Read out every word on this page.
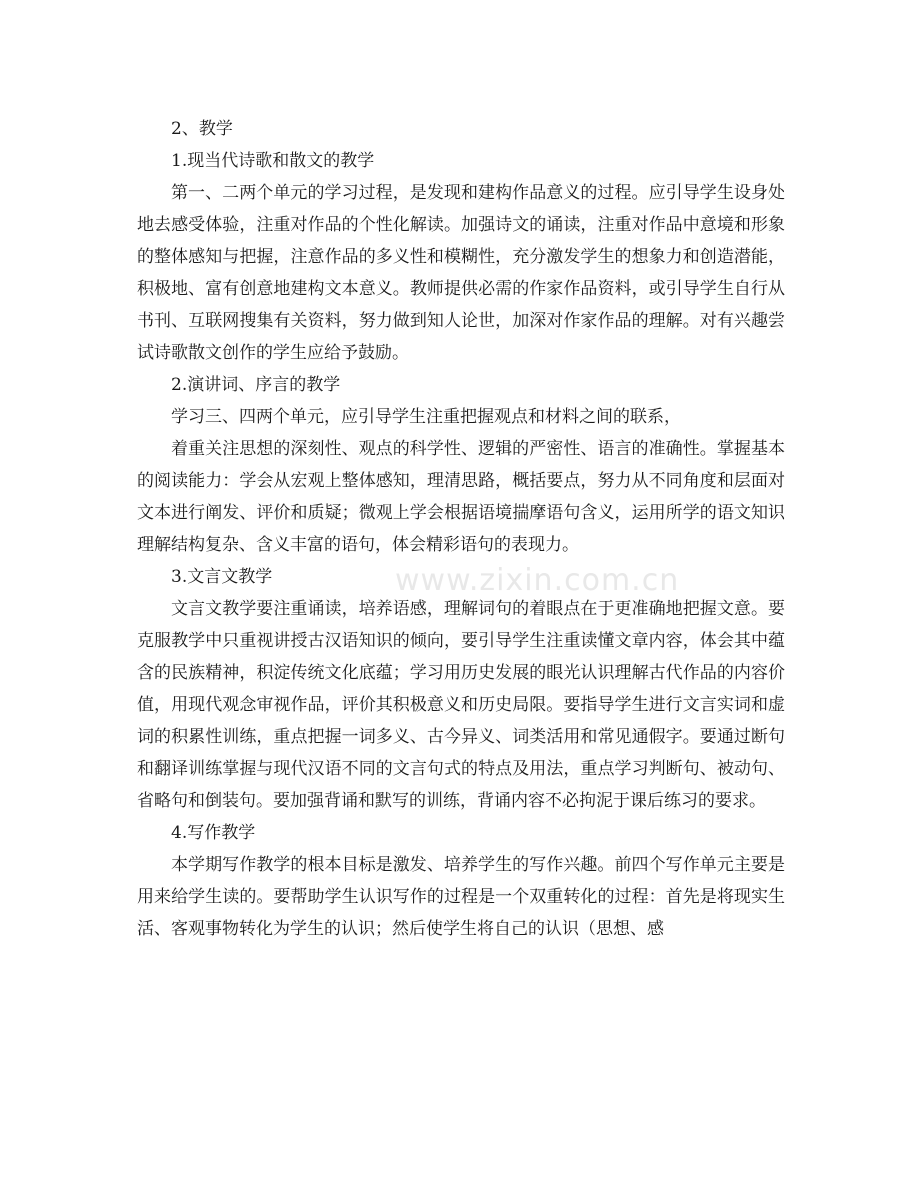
2、教学

1.现当代诗歌和散文的教学

第一、二两个单元的学习过程，是发现和建构作品意义的过程。应引导学生设身处地去感受体验，注重对作品的个性化解读。加强诗文的诵读，注重对作品中意境和形象的整体感知与把握，注意作品的多义性和模糊性，充分激发学生的想象力和创造潜能，积极地、富有创意地建构文本意义。教师提供必需的作家作品资料，或引导学生自行从书刊、互联网搜集有关资料，努力做到知人论世，加深对作家作品的理解。对有兴趣尝试诗歌散文创作的学生应给予鼓励。

2.演讲词、序言的教学

学习三、四两个单元，应引导学生注重把握观点和材料之间的联系，

着重关注思想的深刻性、观点的科学性、逻辑的严密性、语言的准确性。掌握基本的阅读能力：学会从宏观上整体感知，理清思路，概括要点，努力从不同角度和层面对文本进行阐发、评价和质疑；微观上学会根据语境揣摩语句含义，运用所学的语文知识理解结构复杂、含义丰富的语句，体会精彩语句的表现力。

3.文言文教学

文言文教学要注重诵读，培养语感，理解词句的着眼点在于更准确地把握文意。要克服教学中只重视讲授古汉语知识的倾向，要引导学生注重读懂文章内容，体会其中蕴含的民族精神，积淀传统文化底蕴；学习用历史发展的眼光认识理解古代作品的内容价值，用现代观念审视作品，评价其积极意义和历史局限。要指导学生进行文言实词和虚词的积累性训练，重点把握一词多义、古今异义、词类活用和常见通假字。要通过断句和翻译训练掌握与现代汉语不同的文言句式的特点及用法，重点学习判断句、被动句、省略句和倒装句。要加强背诵和默写的训练，背诵内容不必拘泥于课后练习的要求。

4.写作教学

本学期写作教学的根本目标是激发、培养学生的写作兴趣。前四个写作单元主要是用来给学生读的。要帮助学生认识写作的过程是一个双重转化的过程：首先是将现实生活、客观事物转化为学生的认识；然后使学生将自己的认识（思想、感

www.zixin.com.cn
